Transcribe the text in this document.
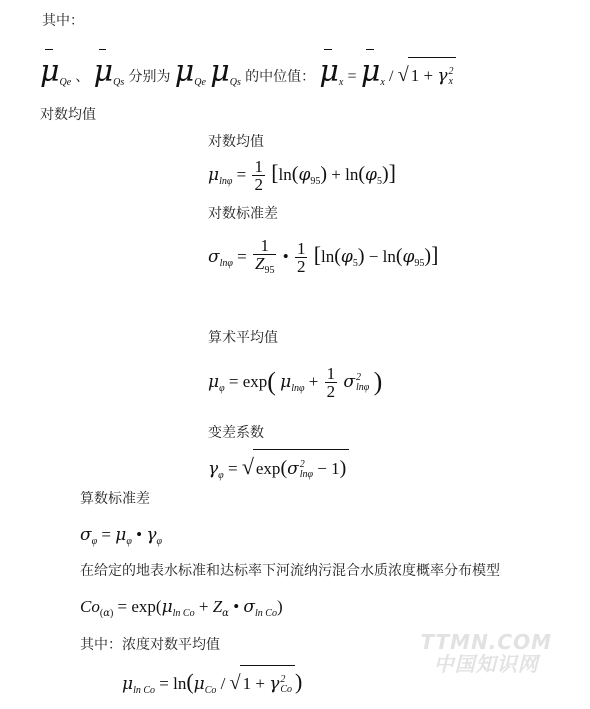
其中：
$\mu_{Qe}$ 、 $\mu_{Qs}$ 分别为 $\mu_{Qe}$ $\mu_{Qs}$ 的中位值： $\mu_x = \mu_x$ / √ 1 + γ2
x
对数均值
对数均值
$\mu_{ln\varphi} = \frac{1}{2} [\ln(\varphi_{95}) + \ln(\varphi_5)]$
对数标准差
$\sigma_{ln\varphi} = \frac{1}{Z_{95}}$ • $\frac{1}{2} [\ln(\varphi_5) - \ln(\varphi_{95})]$
算术平均值
$\mu_\varphi = \exp$( $\mu_{ln\varphi} + \frac{1}{2} \sigma 2$
lnφ )
变差系数
$\gamma_\varphi$ = √ exp(σ2
lnφ − 1)
算数标准差
$\sigma_\varphi = \mu_\varphi$ • $\gamma_\varphi$
在给定的地表水标准和达标率下河流纳污混合水质浓度概率分布模型
$Co_{(\alpha)} = \exp(\mu_{ln Co} + Z_\alpha$ • $\sigma_{ln Co}$)
其中：浓度对数平均值
$\mu_{ln Co} = \ln(\mu_{Co}$ / √ 1 + γ2
Co )
TTMN.COM
中国知识网
